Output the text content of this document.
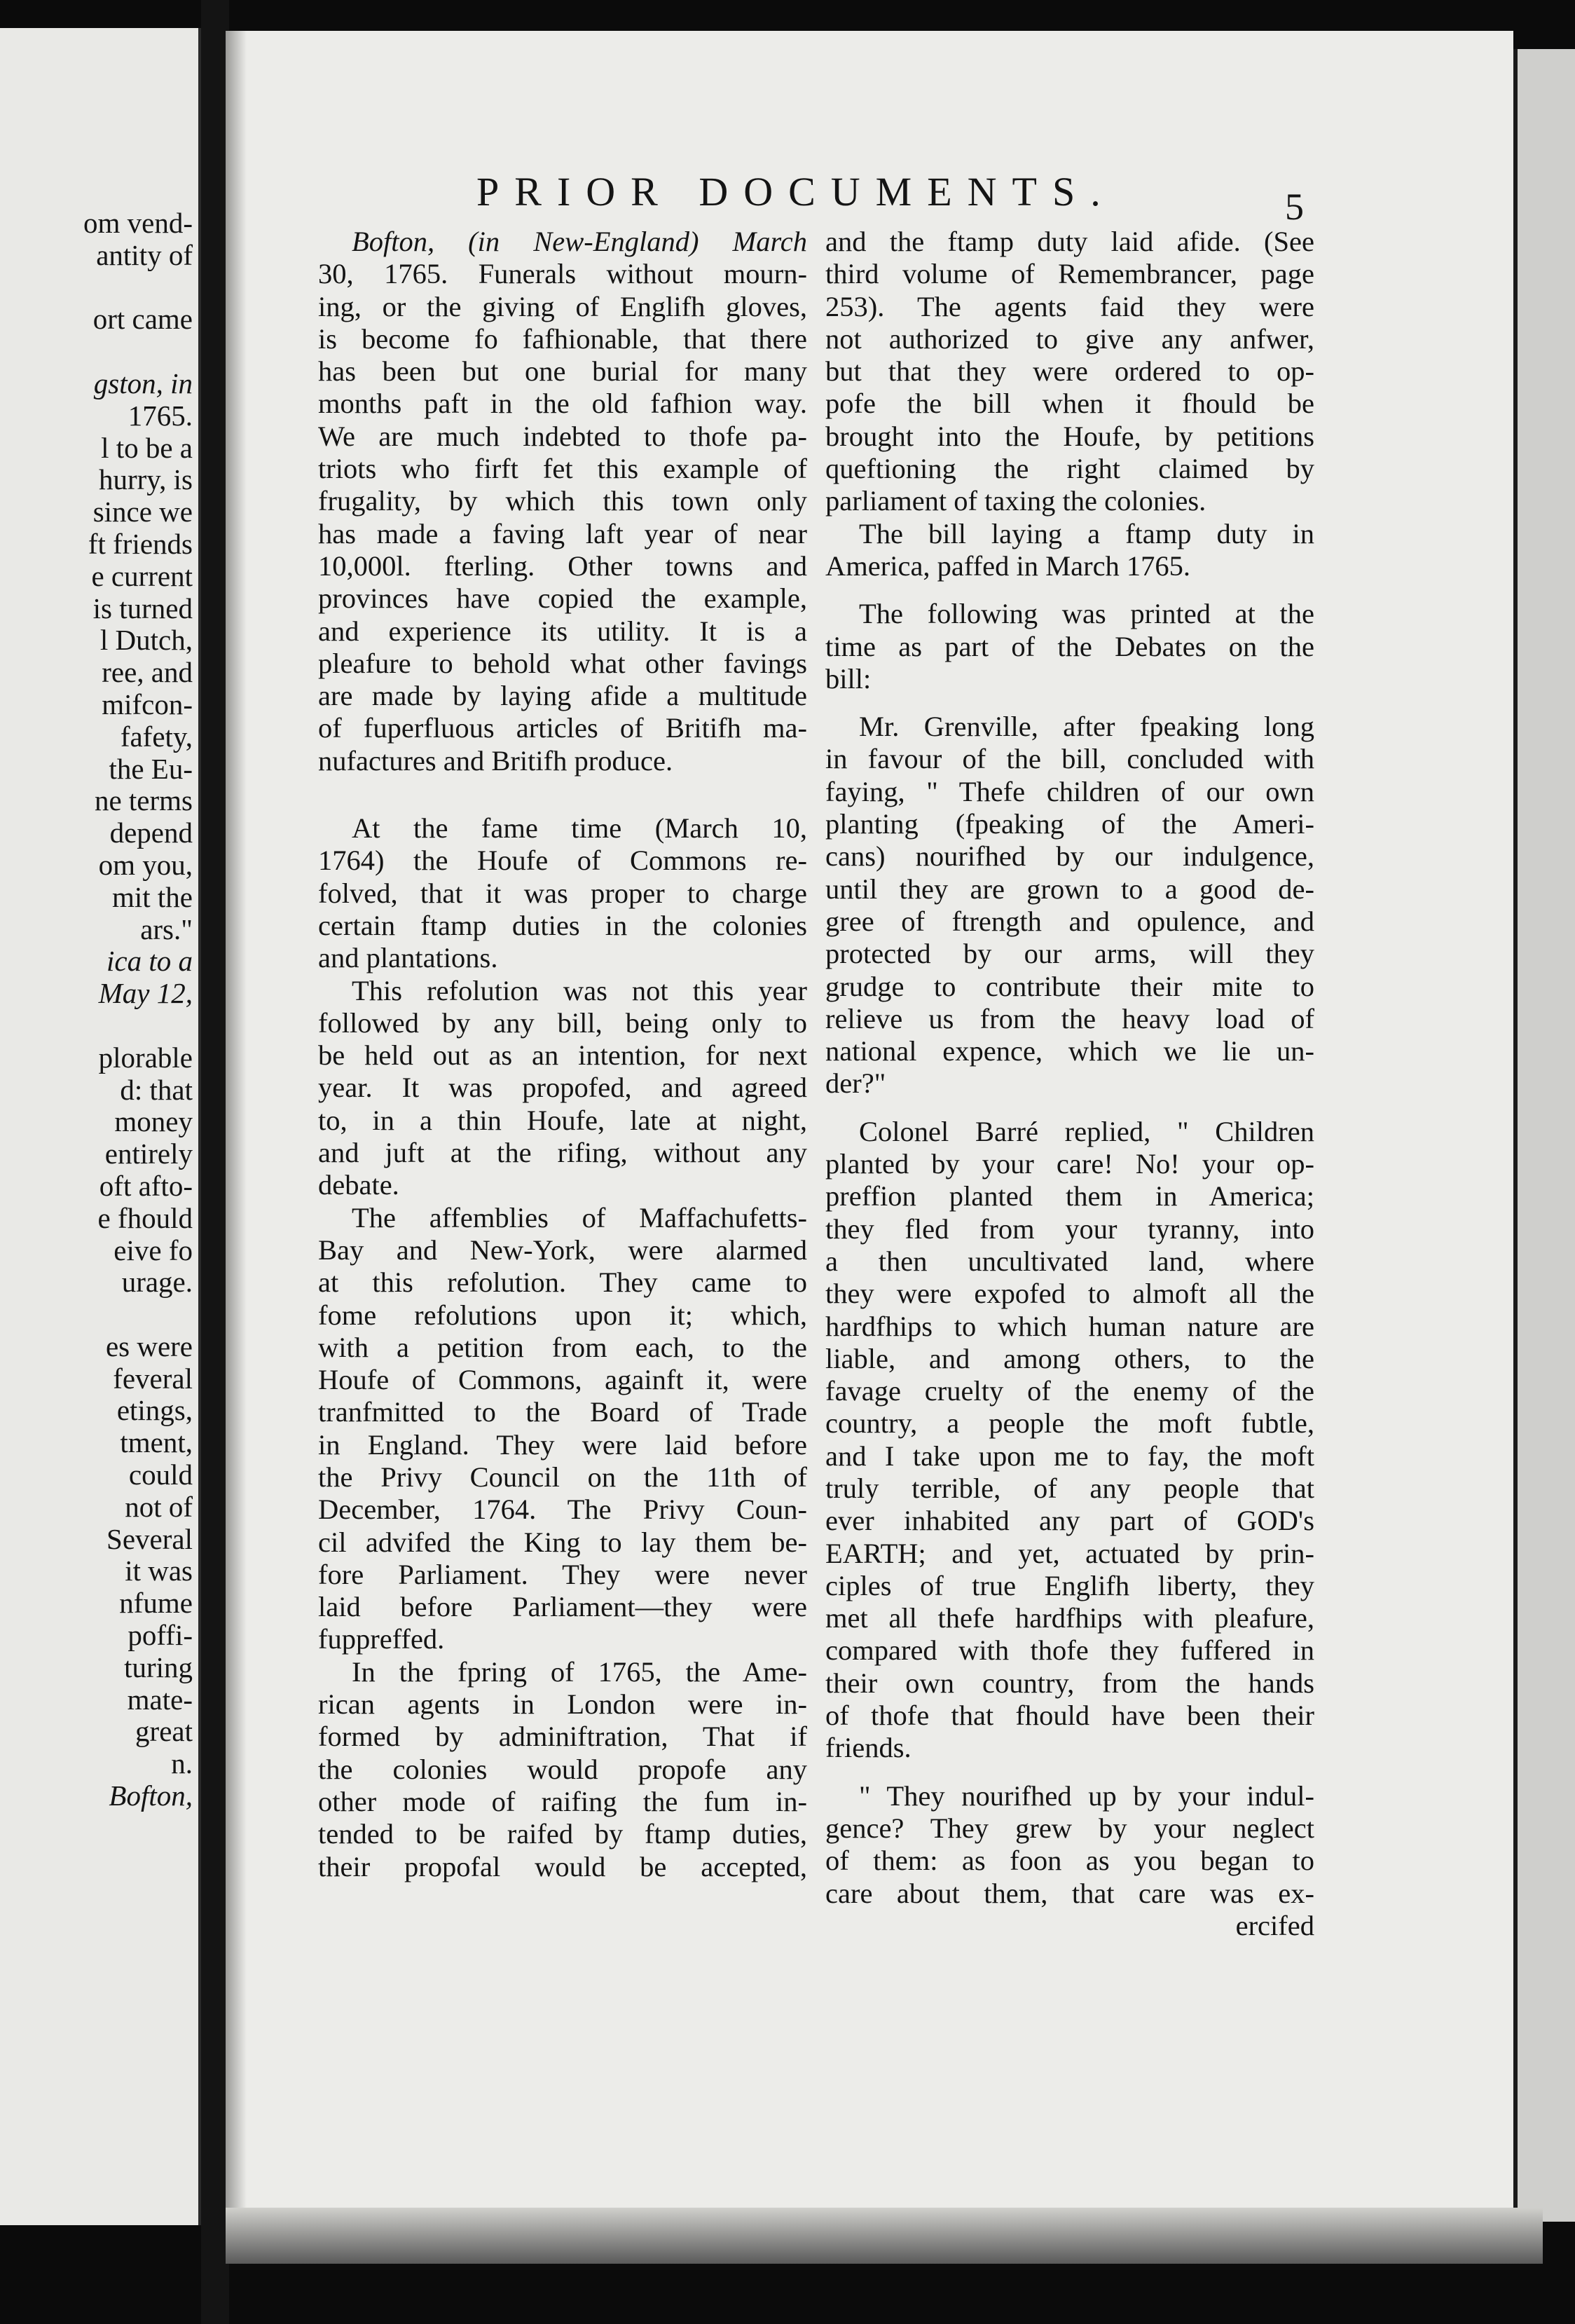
om vend-
antity of
ort came
gston, in
1765.
l to be a
hurry, is
since we
ft friends
e current
is turned
l Dutch,
ree, and
mifcon-
fafety,
the Eu-
ne terms
depend
om you,
mit the
ars."
ica to a
May 12,
plorable
d: that
money
entirely
oft afto-
e fhould
eive fo
urage.
es were
feveral
etings,
tment,
could
not of
Several
it was
nfume
poffi-
turing
mate-
great
n.
Bofton,
PRIOR DOCUMENTS.	5
Bofton, (in New-England) March
30, 1765. Funerals without mourn-
ing, or the giving of Englifh gloves,
is become fo fafhionable, that there
has been but one burial for many
months paft in the old fafhion way.
We are much indebted to thofe pa-
triots who firft fet this example of
frugality, by which this town only
has made a faving laft year of near
10,000l. fterling. Other towns and
provinces have copied the example,
and experience its utility. It is a
pleafure to behold what other favings
are made by laying afide a multitude
of fuperfluous articles of Britifh ma-
nufactures and Britifh produce.
At the fame time (March 10,
1764) the Houfe of Commons re-
folved, that it was proper to charge
certain ftamp duties in the colonies
and plantations.
This refolution was not this year
followed by any bill, being only to
be held out as an intention, for next
year. It was propofed, and agreed
to, in a thin Houfe, late at night,
and juft at the rifing, without any
debate.
The affemblies of Maffachufetts-
Bay and New-York, were alarmed
at this refolution. They came to
fome refolutions upon it; which,
with a petition from each, to the
Houfe of Commons, againft it, were
tranfmitted to the Board of Trade
in England. They were laid before
the Privy Council on the 11th of
December, 1764. The Privy Coun-
cil advifed the King to lay them be-
fore Parliament. They were never
laid before Parliament—they were
fuppreffed.
In the fpring of 1765, the Ame-
rican agents in London were in-
formed by adminiftration, That if
the colonies would propofe any
other mode of raifing the fum in-
tended to be raifed by ftamp duties,
their propofal would be accepted,
and the ftamp duty laid afide. (See
third volume of Remembrancer, page
253). The agents faid they were
not authorized to give any anfwer,
but that they were ordered to op-
pofe the bill when it fhould be
brought into the Houfe, by petitions
queftioning the right claimed by
parliament of taxing the colonies.
The bill laying a ftamp duty in
America, paffed in March 1765.
The following was printed at the
time as part of the Debates on the
bill:
Mr. Grenville, after fpeaking long
in favour of the bill, concluded with
faying, " Thefe children of our own
planting (fpeaking of the Ameri-
cans) nourifhed by our indulgence,
until they are grown to a good de-
gree of ftrength and opulence, and
protected by our arms, will they
grudge to contribute their mite to
relieve us from the heavy load of
national expence, which we lie un-
der?"
Colonel Barré replied, " Children
planted by your care! No! your op-
preffion planted them in America;
they fled from your tyranny, into
a then uncultivated land, where
they were expofed to almoft all the
hardfhips to which human nature are
liable, and among others, to the
favage cruelty of the enemy of the
country, a people the moft fubtle,
and I take upon me to fay, the moft
truly terrible, of any people that
ever inhabited any part of GOD's
EARTH; and yet, actuated by prin-
ciples of true Englifh liberty, they
met all thefe hardfhips with pleafure,
compared with thofe they fuffered in
their own country, from the hands
of thofe that fhould have been their
friends.
" They nourifhed up by your indul-
gence? They grew by your neglect
of them: as foon as you began to
care about them, that care was ex-
ercifed
